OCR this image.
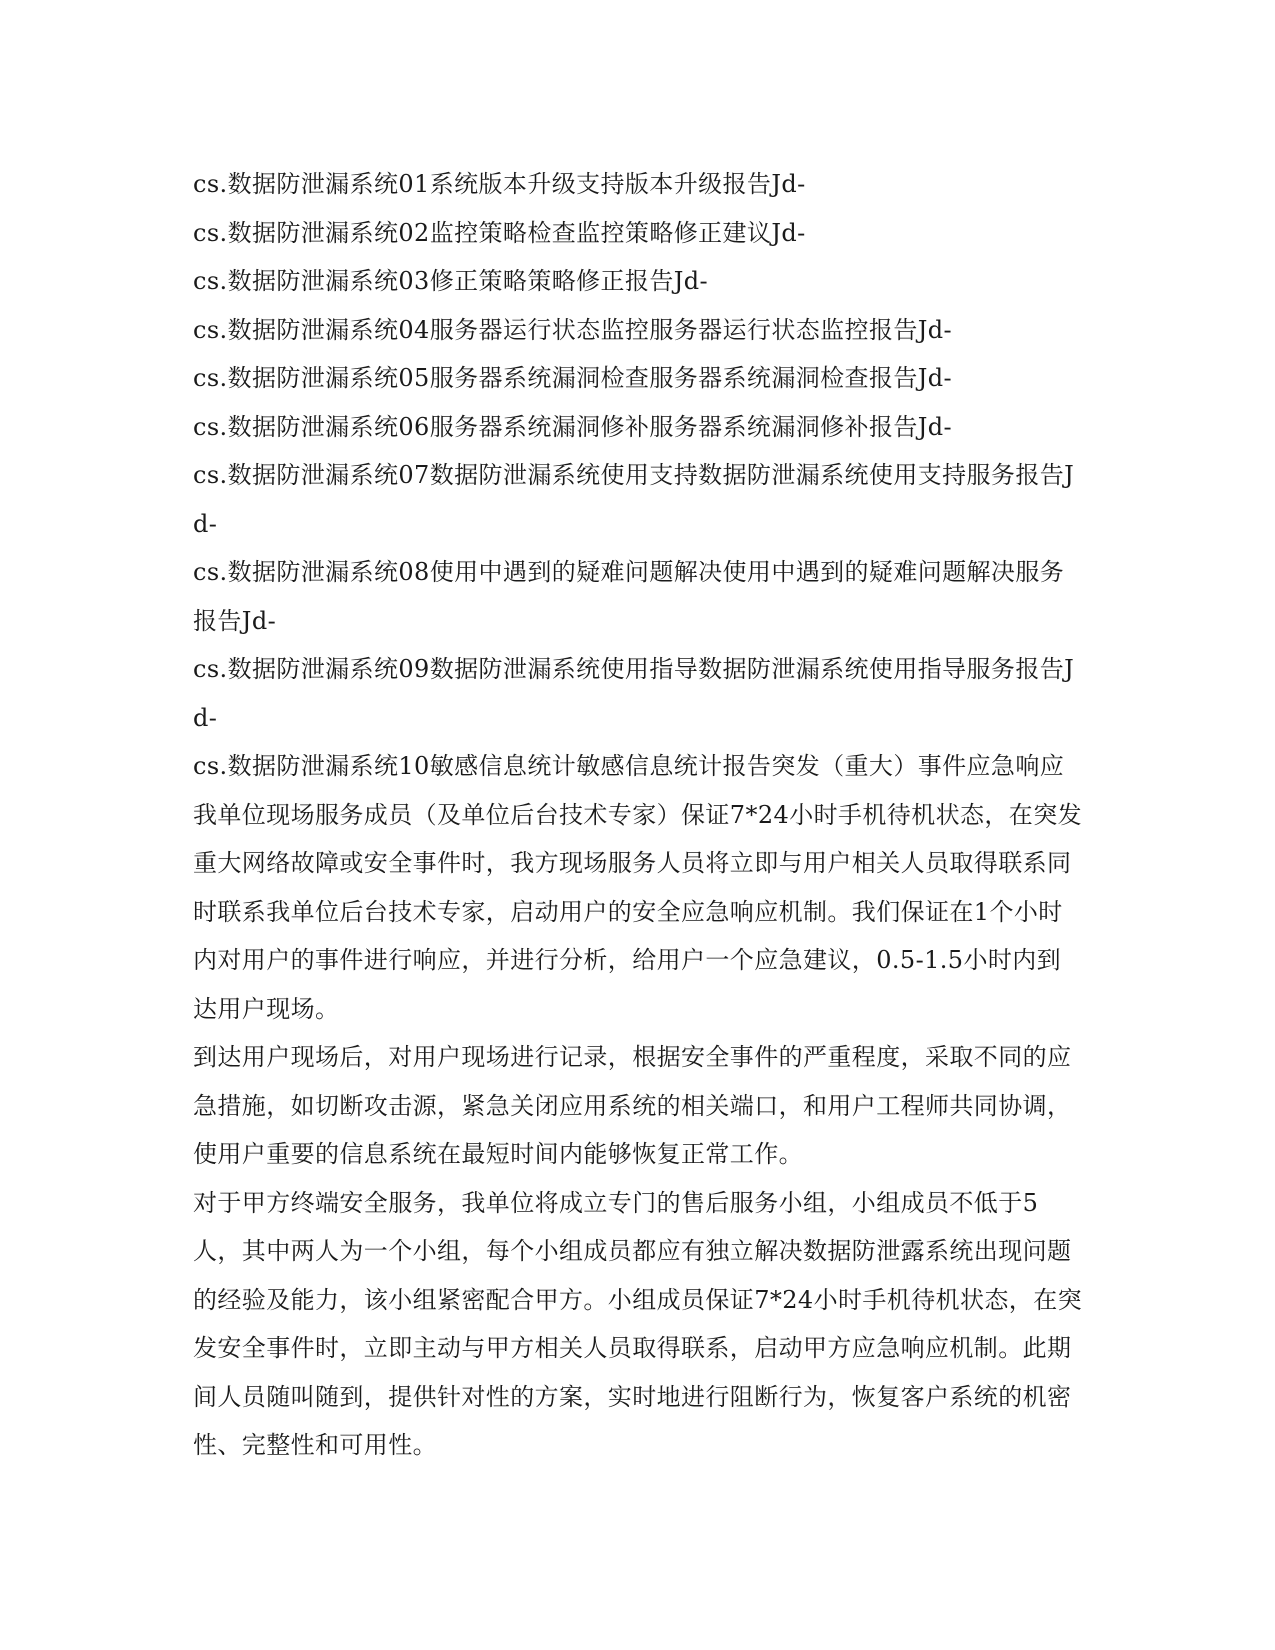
cs.数据防泄漏系统01系统版本升级支持版本升级报告Jd-

cs.数据防泄漏系统02监控策略检查监控策略修正建议Jd-

cs.数据防泄漏系统03修正策略策略修正报告Jd-

cs.数据防泄漏系统04服务器运行状态监控服务器运行状态监控报告Jd-

cs.数据防泄漏系统05服务器系统漏洞检查服务器系统漏洞检查报告Jd-

cs.数据防泄漏系统06服务器系统漏洞修补服务器系统漏洞修补报告Jd-

cs.数据防泄漏系统07数据防泄漏系统使用支持数据防泄漏系统使用支持服务报告Jd-

cs.数据防泄漏系统08使用中遇到的疑难问题解决使用中遇到的疑难问题解决服务报告Jd-

cs.数据防泄漏系统09数据防泄漏系统使用指导数据防泄漏系统使用指导服务报告Jd-

cs.数据防泄漏系统10敏感信息统计敏感信息统计报告突发（重大）事件应急响应我单位现场服务成员（及单位后台技术专家）保证7*24小时手机待机状态，在突发重大网络故障或安全事件时，我方现场服务人员将立即与用户相关人员取得联系同时联系我单位后台技术专家，启动用户的安全应急响应机制。我们保证在1个小时内对用户的事件进行响应，并进行分析，给用户一个应急建议，0.5-1.5小时内到达用户现场。

到达用户现场后，对用户现场进行记录，根据安全事件的严重程度，采取不同的应急措施，如切断攻击源，紧急关闭应用系统的相关端口，和用户工程师共同协调，使用户重要的信息系统在最短时间内能够恢复正常工作。

对于甲方终端安全服务，我单位将成立专门的售后服务小组，小组成员不低于5人，其中两人为一个小组，每个小组成员都应有独立解决数据防泄露系统出现问题的经验及能力，该小组紧密配合甲方。小组成员保证7*24小时手机待机状态，在突发安全事件时，立即主动与甲方相关人员取得联系，启动甲方应急响应机制。此期间人员随叫随到，提供针对性的方案，实时地进行阻断行为，恢复客户系统的机密性、完整性和可用性。
